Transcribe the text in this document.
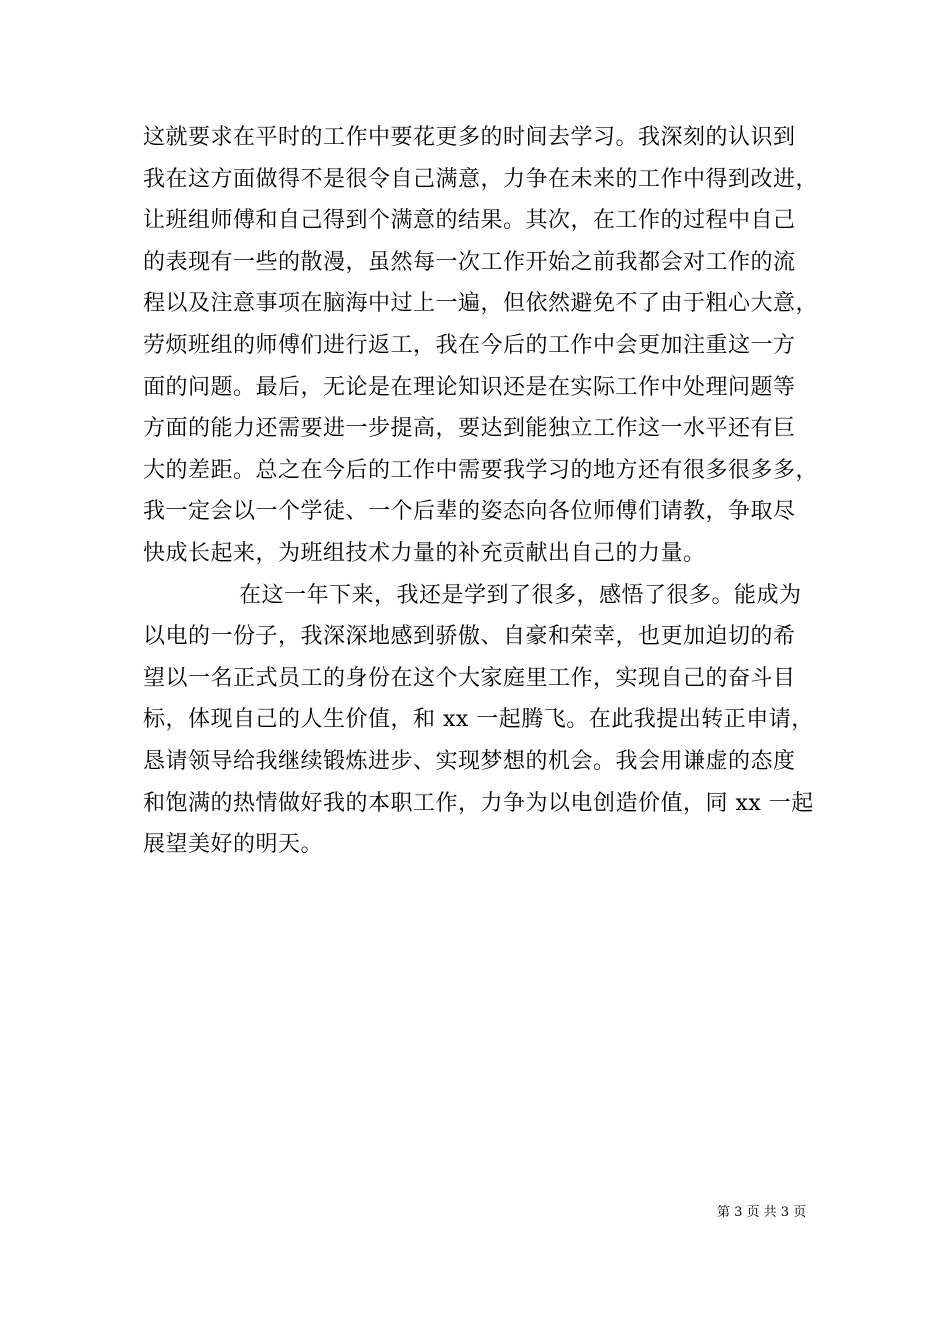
这就要求在平时的工作中要花更多的时间去学习。我深刻的认识到
我在这方面做得不是很令自己满意，力争在未来的工作中得到改进，
让班组师傅和自己得到个满意的结果。其次，在工作的过程中自己
的表现有一些的散漫，虽然每一次工作开始之前我都会对工作的流
程以及注意事项在脑海中过上一遍，但依然避免不了由于粗心大意，
劳烦班组的师傅们进行返工，我在今后的工作中会更加注重这一方
面的问题。最后，无论是在理论知识还是在实际工作中处理问题等
方面的能力还需要进一步提高，要达到能独立工作这一水平还有巨
大的差距。总之在今后的工作中需要我学习的地方还有很多很多多，
我一定会以一个学徒、一个后辈的姿态向各位师傅们请教，争取尽
快成长起来，为班组技术力量的补充贡献出自己的力量。
在这一年下来，我还是学到了很多，感悟了很多。能成为
以电的一份子，我深深地感到骄傲、自豪和荣幸，也更加迫切的希
望以一名正式员工的身份在这个大家庭里工作，实现自己的奋斗目
标，体现自己的人生价值，和 xx 一起腾飞。在此我提出转正申请，
恳请领导给我继续锻炼进步、实现梦想的机会。我会用谦虚的态度
和饱满的热情做好我的本职工作，力争为以电创造价值，同 xx 一起
展望美好的明天。
第 3 页 共 3 页
